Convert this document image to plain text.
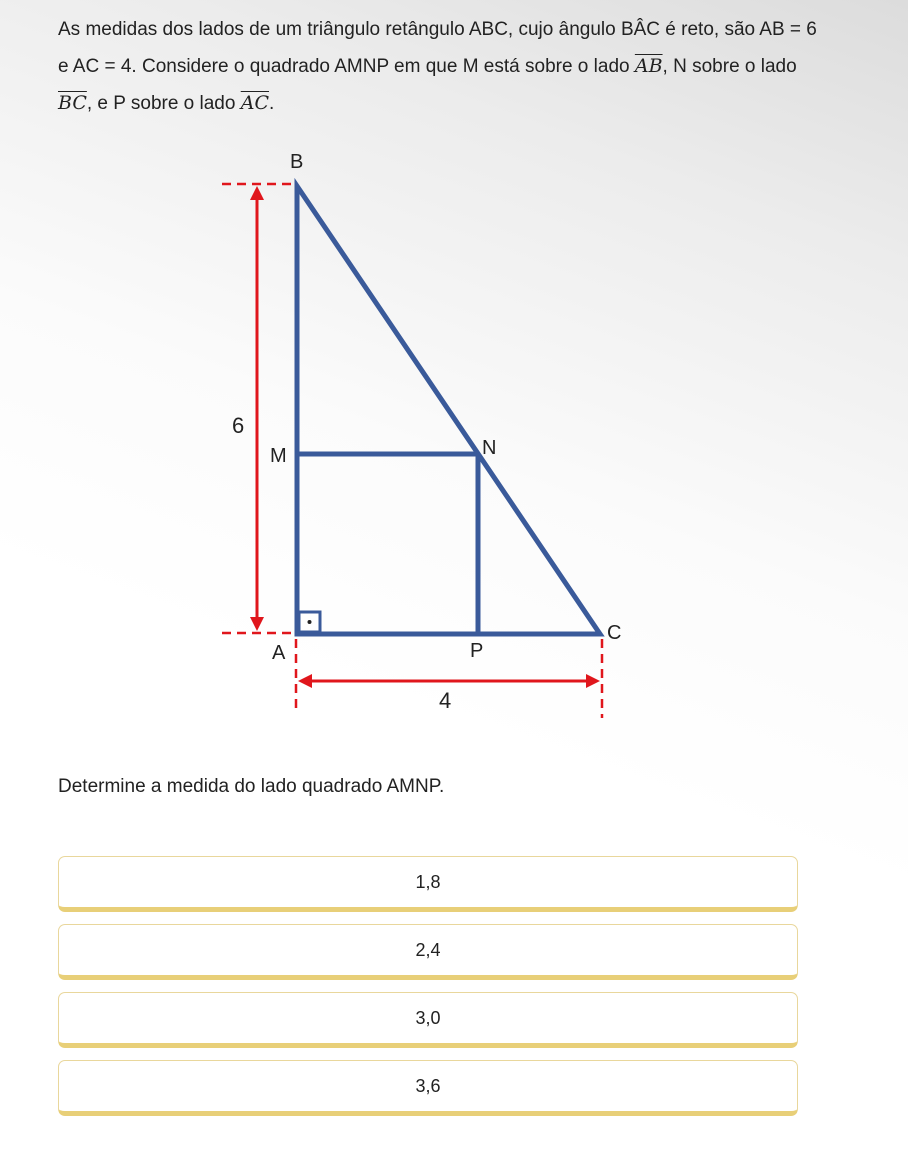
As medidas dos lados de um triângulo retângulo ABC, cujo ângulo BÂC é reto, são AB = 6 e AC = 4. Considere o quadrado AMNP em que M está sobre o lado $\overline{AB}$, N sobre o lado $\overline{BC}$, e P sobre o lado $\overline{AC}$.

B
M	N
A	P
C
6
4

Determine a medida do lado quadrado AMNP.

1,8
2,4
3,0
3,6
